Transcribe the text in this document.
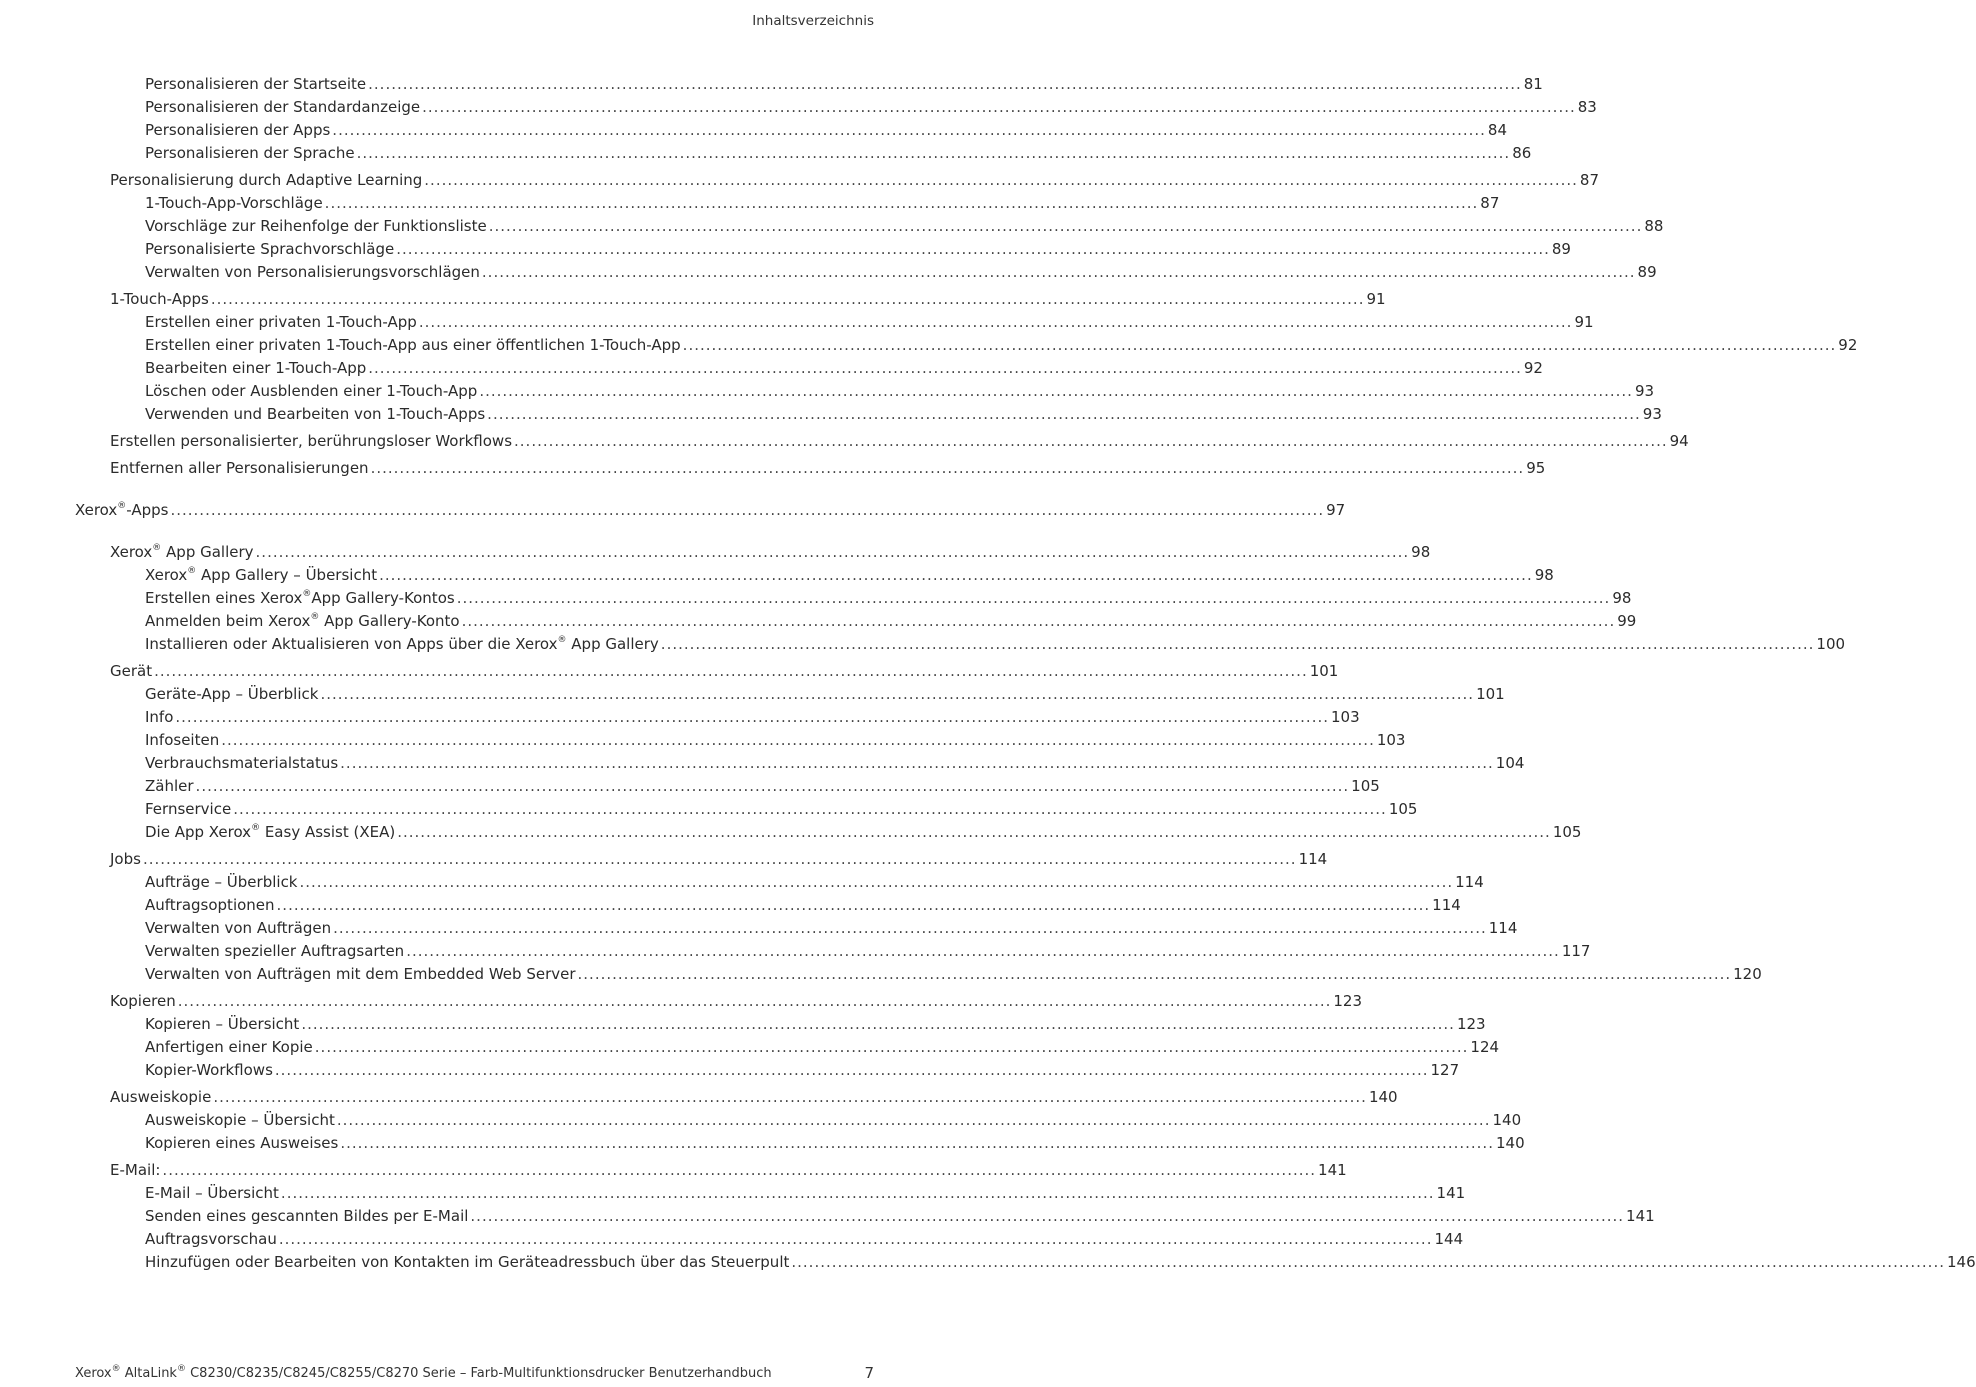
Inhaltsverzeichnis
Personalisieren der Startseite ........................................................................................................................................................................................................ 81
Personalisieren der Standardanzeige ........................................................................................................................................................................................................ 83
Personalisieren der Apps ........................................................................................................................................................................................................ 84
Personalisieren der Sprache ........................................................................................................................................................................................................ 86
Personalisierung durch Adaptive Learning ........................................................................................................................................................................................................ 87
1-Touch-App-Vorschläge ........................................................................................................................................................................................................ 87
Vorschläge zur Reihenfolge der Funktionsliste ........................................................................................................................................................................................................ 88
Personalisierte Sprachvorschläge ........................................................................................................................................................................................................ 89
Verwalten von Personalisierungsvorschlägen ........................................................................................................................................................................................................ 89
1-Touch-Apps ........................................................................................................................................................................................................ 91
Erstellen einer privaten 1-Touch-App ........................................................................................................................................................................................................ 91
Erstellen einer privaten 1-Touch-App aus einer öffentlichen 1-Touch-App ........................................................................................................................................................................................................ 92
Bearbeiten einer 1-Touch-App ........................................................................................................................................................................................................ 92
Löschen oder Ausblenden einer 1-Touch-App ........................................................................................................................................................................................................ 93
Verwenden und Bearbeiten von 1-Touch-Apps ........................................................................................................................................................................................................ 93
Erstellen personalisierter, berührungsloser Workflows ........................................................................................................................................................................................................ 94
Entfernen aller Personalisierungen ........................................................................................................................................................................................................ 95
Xerox®-Apps ........................................................................................................................................................................................................ 97
Xerox® App Gallery ........................................................................................................................................................................................................ 98
Xerox® App Gallery – Übersicht ........................................................................................................................................................................................................ 98
Erstellen eines Xerox®App Gallery-Kontos ........................................................................................................................................................................................................ 98
Anmelden beim Xerox® App Gallery-Konto ........................................................................................................................................................................................................ 99
Installieren oder Aktualisieren von Apps über die Xerox® App Gallery ........................................................................................................................................................................................................ 100
Gerät ........................................................................................................................................................................................................ 101
Geräte-App – Überblick ........................................................................................................................................................................................................ 101
Info ........................................................................................................................................................................................................ 103
Infoseiten ........................................................................................................................................................................................................ 103
Verbrauchsmaterialstatus ........................................................................................................................................................................................................ 104
Zähler ........................................................................................................................................................................................................ 105
Fernservice ........................................................................................................................................................................................................ 105
Die App Xerox® Easy Assist (XEA) ........................................................................................................................................................................................................ 105
Jobs ........................................................................................................................................................................................................ 114
Aufträge – Überblick ........................................................................................................................................................................................................ 114
Auftragsoptionen ........................................................................................................................................................................................................ 114
Verwalten von Aufträgen ........................................................................................................................................................................................................ 114
Verwalten spezieller Auftragsarten ........................................................................................................................................................................................................ 117
Verwalten von Aufträgen mit dem Embedded Web Server ........................................................................................................................................................................................................ 120
Kopieren ........................................................................................................................................................................................................ 123
Kopieren – Übersicht ........................................................................................................................................................................................................ 123
Anfertigen einer Kopie ........................................................................................................................................................................................................ 124
Kopier-Workflows ........................................................................................................................................................................................................ 127
Ausweiskopie ........................................................................................................................................................................................................ 140
Ausweiskopie – Übersicht ........................................................................................................................................................................................................ 140
Kopieren eines Ausweises ........................................................................................................................................................................................................ 140
E-Mail: ........................................................................................................................................................................................................ 141
E-Mail – Übersicht ........................................................................................................................................................................................................ 141
Senden eines gescannten Bildes per E-Mail ........................................................................................................................................................................................................ 141
Auftragsvorschau ........................................................................................................................................................................................................ 144
Hinzufügen oder Bearbeiten von Kontakten im Geräteadressbuch über das Steuerpult ........................................................................................................................................................................................................ 146
Xerox® AltaLink® C8230/C8235/C8245/C8255/C8270 Serie – Farb-Multifunktionsdrucker Benutzerhandbuch	7
